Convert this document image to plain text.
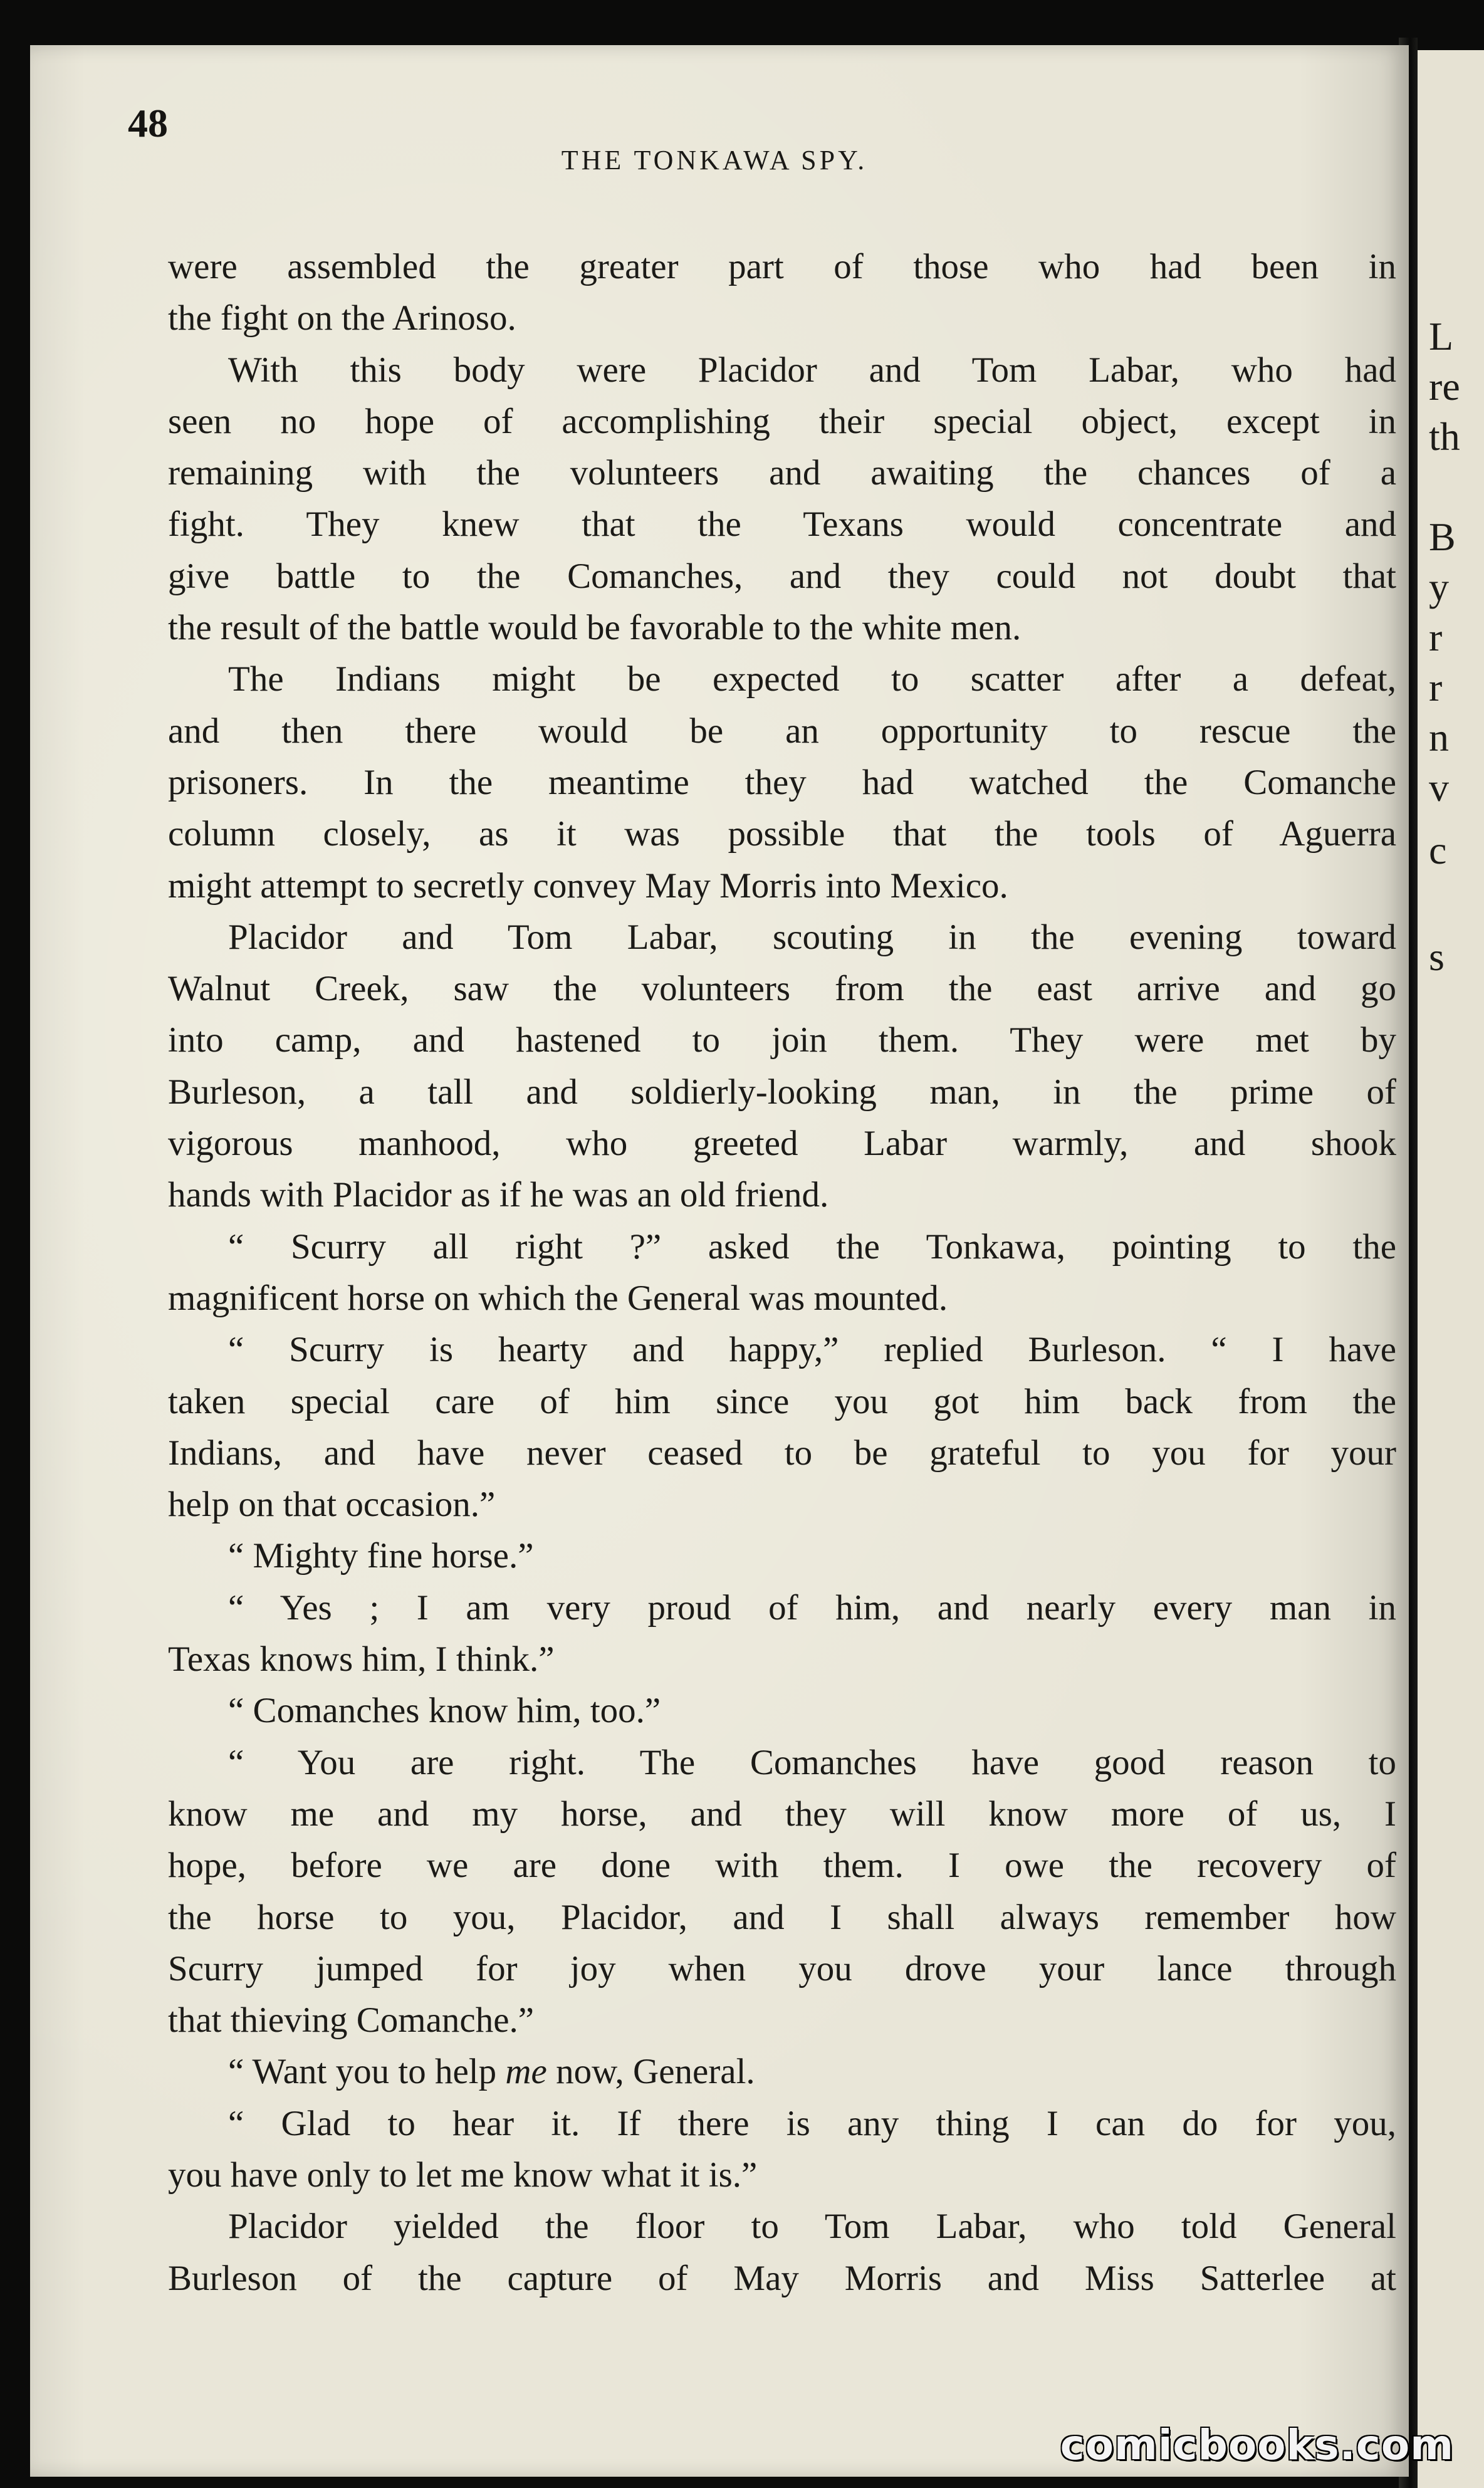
L
re
th
B
y
r
r
n
v
c
s
48
THE TONKAWA SPY.
were assembled the greater part of those who had been in
the fight on the Arinoso.
With this body were Placidor and Tom Labar, who had
seen no hope of accomplishing their special object, except in
remaining with the volunteers and awaiting the chances of a
fight. They knew that the Texans would concentrate and
give battle to the Comanches, and they could not doubt that
the result of the battle would be favorable to the white men.
The Indians might be expected to scatter after a defeat,
and then there would be an opportunity to rescue the
prisoners. In the meantime they had watched the Comanche
column closely, as it was possible that the tools of Aguerra
might attempt to secretly convey May Morris into Mexico.
Placidor and Tom Labar, scouting in the evening toward
Walnut Creek, saw the volunteers from the east arrive and go
into camp, and hastened to join them. They were met by
Burleson, a tall and soldierly-looking man, in the prime of
vigorous manhood, who greeted Labar warmly, and shook
hands with Placidor as if he was an old friend.
“ Scurry all right ?” asked the Tonkawa, pointing to the
magnificent horse on which the General was mounted.
“ Scurry is hearty and happy,” replied Burleson. “ I have
taken special care of him since you got him back from the
Indians, and have never ceased to be grateful to you for your
help on that occasion.”
“ Mighty fine horse.”
“ Yes ; I am very proud of him, and nearly every man in
Texas knows him, I think.”
“ Comanches know him, too.”
“ You are right. The Comanches have good reason to
know me and my horse, and they will know more of us, I
hope, before we are done with them. I owe the recovery of
the horse to you, Placidor, and I shall always remember how
Scurry jumped for joy when you drove your lance through
that thieving Comanche.”
“ Want you to help me now, General.
“ Glad to hear it. If there is any thing I can do for you,
you have only to let me know what it is.”
Placidor yielded the floor to Tom Labar, who told General
Burleson of the capture of May Morris and Miss Satterlee at
comicbooks.com
